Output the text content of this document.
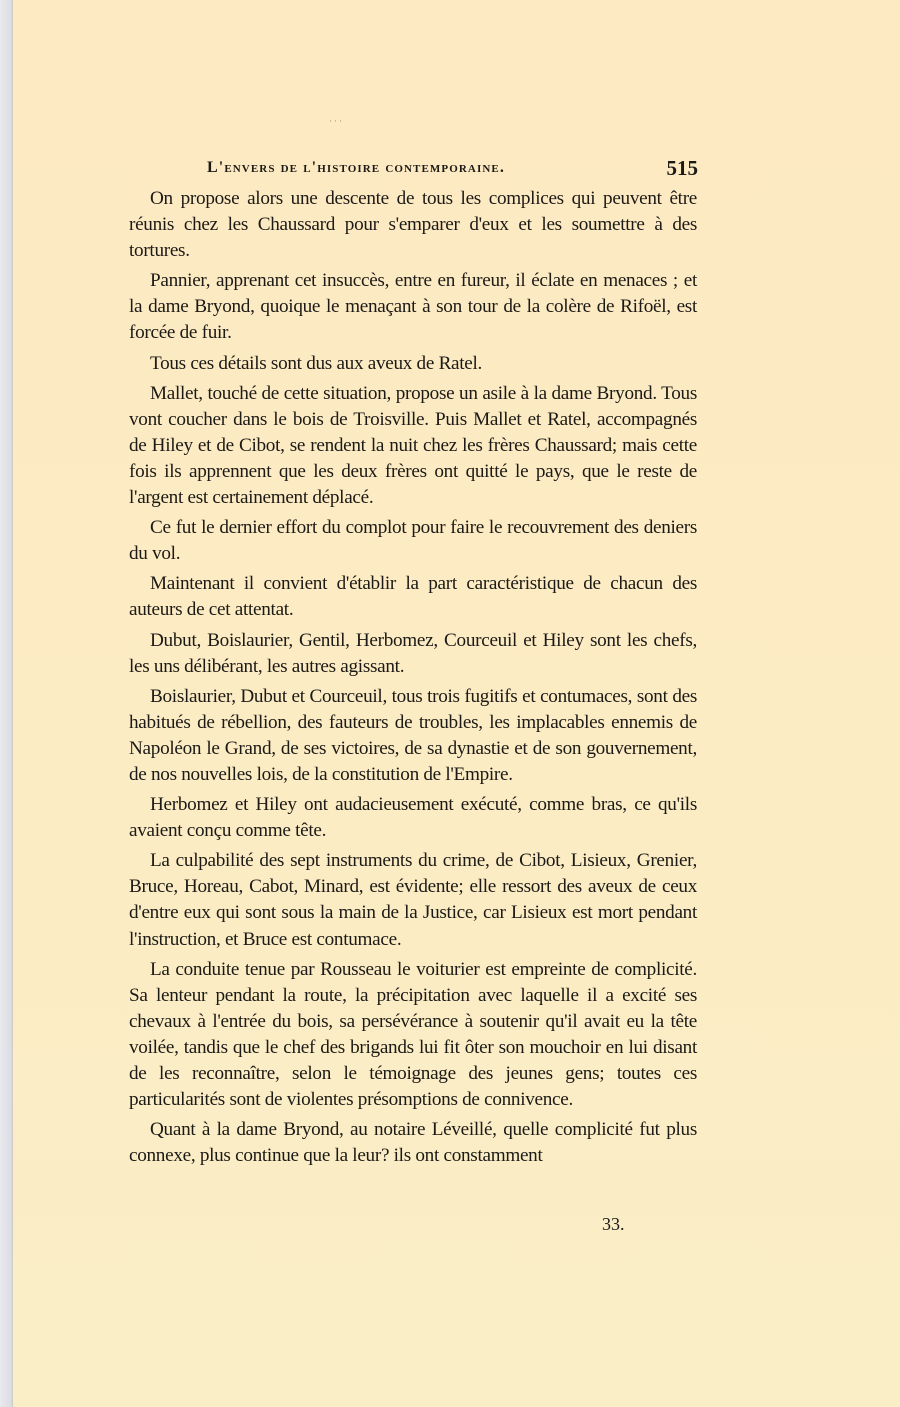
···
L'envers de l'histoire contemporaine.	515

On propose alors une descente de tous les complices qui peuvent être réunis chez les Chaussard pour s'emparer d'eux et les soumettre à des tortures.

Pannier, apprenant cet insuccès, entre en fureur, il éclate en menaces ; et la dame Bryond, quoique le menaçant à son tour de la colère de Rifoël, est forcée de fuir.

Tous ces détails sont dus aux aveux de Ratel.

Mallet, touché de cette situation, propose un asile à la dame Bryond. Tous vont coucher dans le bois de Troisville. Puis Mallet et Ratel, accompagnés de Hiley et de Cibot, se rendent la nuit chez les frères Chaussard; mais cette fois ils apprennent que les deux frères ont quitté le pays, que le reste de l'argent est certainement déplacé.

Ce fut le dernier effort du complot pour faire le recouvrement des deniers du vol.

Maintenant il convient d'établir la part caractéristique de chacun des auteurs de cet attentat.

Dubut, Boislaurier, Gentil, Herbomez, Courceuil et Hiley sont les chefs, les uns délibérant, les autres agissant.

Boislaurier, Dubut et Courceuil, tous trois fugitifs et contumaces, sont des habitués de rébellion, des fauteurs de troubles, les implacables ennemis de Napoléon le Grand, de ses victoires, de sa dynastie et de son gouvernement, de nos nouvelles lois, de la constitution de l'Empire.

Herbomez et Hiley ont audacieusement exécuté, comme bras, ce qu'ils avaient conçu comme tête.

La culpabilité des sept instruments du crime, de Cibot, Lisieux, Grenier, Bruce, Horeau, Cabot, Minard, est évidente; elle ressort des aveux de ceux d'entre eux qui sont sous la main de la Justice, car Lisieux est mort pendant l'instruction, et Bruce est contumace.

La conduite tenue par Rousseau le voiturier est empreinte de complicité. Sa lenteur pendant la route, la précipitation avec laquelle il a excité ses chevaux à l'entrée du bois, sa persévérance à soutenir qu'il avait eu la tête voilée, tandis que le chef des brigands lui fit ôter son mouchoir en lui disant de les reconnaître, selon le témoignage des jeunes gens; toutes ces particularités sont de violentes présomptions de connivence.

Quant à la dame Bryond, au notaire Léveillé, quelle complicité fut plus connexe, plus continue que la leur? ils ont constamment

33.
